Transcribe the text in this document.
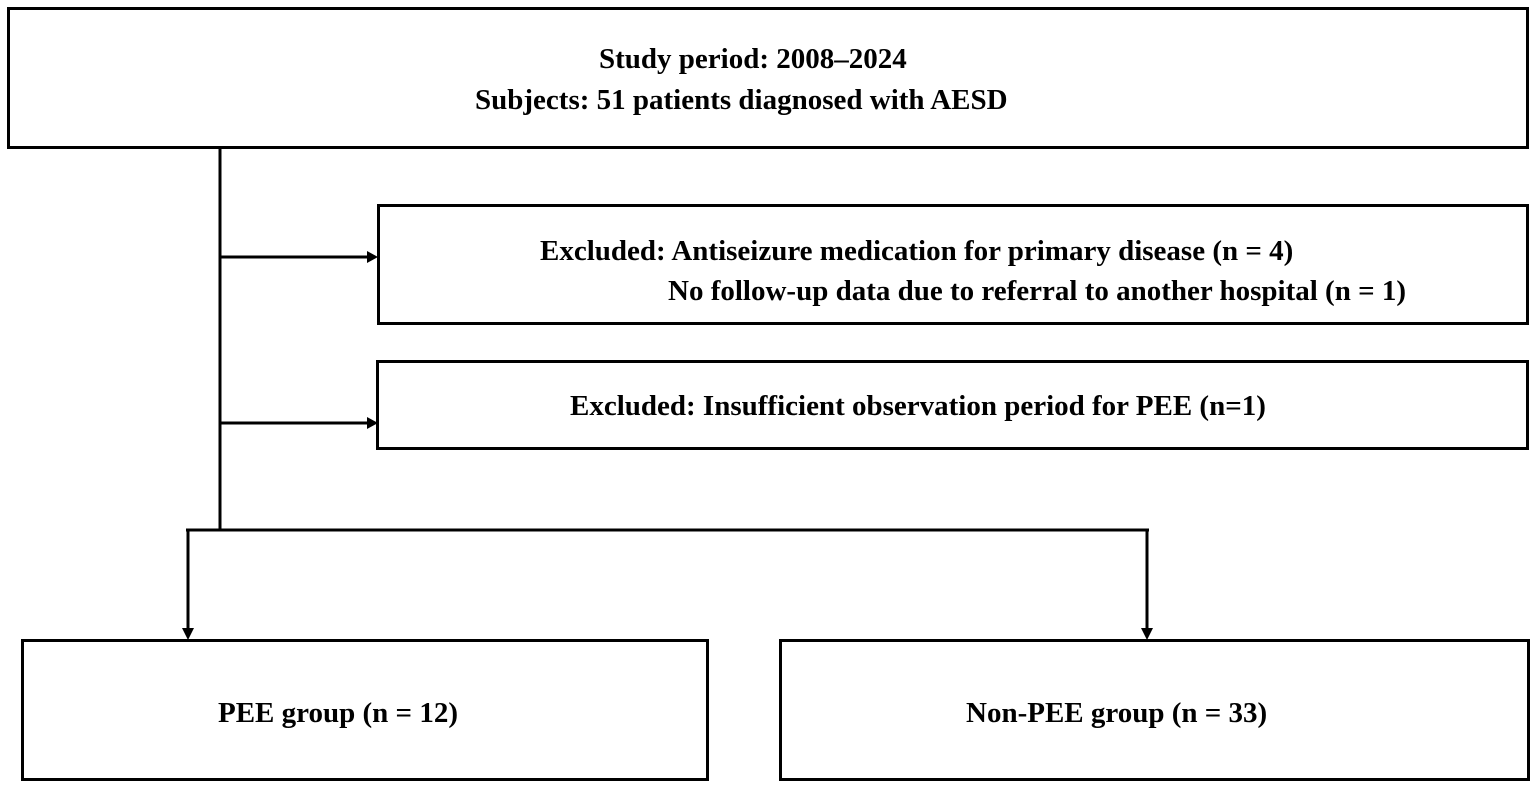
Study period: 2008–2024
Subjects: 51 patients diagnosed with AESD
Excluded: Antiseizure medication for primary disease (n = 4)
No follow-up data due to referral to another hospital (n = 1)
Excluded: Insufficient observation period for PEE (n=1)
PEE group (n = 12)	Non-PEE group (n = 33)
